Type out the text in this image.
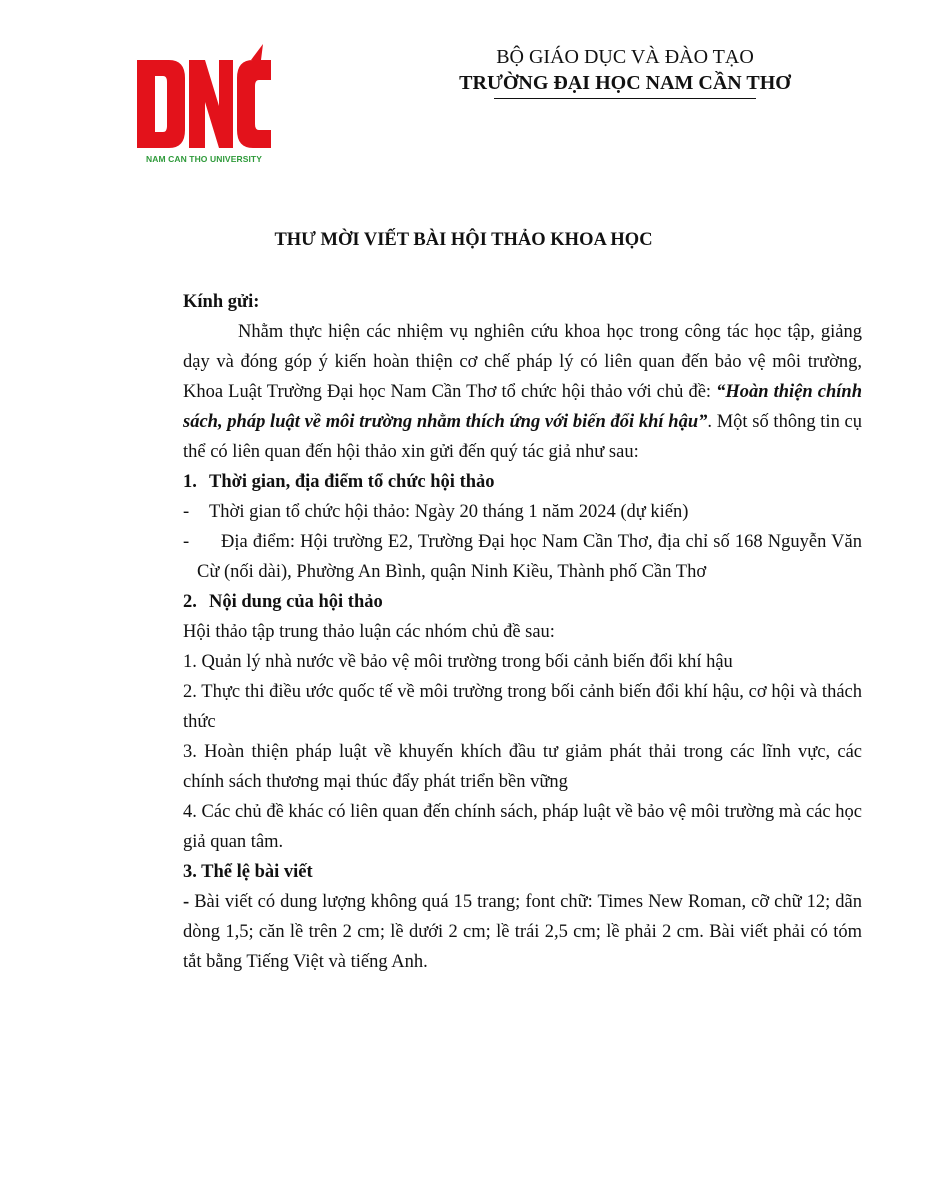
NAM CAN THO UNIVERSITY
BỘ GIÁO DỤC VÀ ĐÀO TẠO
TRƯỜNG ĐẠI HỌC NAM CẦN THƠ
THƯ MỜI VIẾT BÀI HỘI THẢO KHOA HỌC

Kính gửi:

Nhằm thực hiện các nhiệm vụ nghiên cứu khoa học trong công tác học tập, giảng dạy và đóng góp ý kiến hoàn thiện cơ chế pháp lý có liên quan đến bảo vệ môi trường, Khoa Luật Trường Đại học Nam Cần Thơ tổ chức hội thảo với chủ đề: “Hoàn thiện chính sách, pháp luật về môi trường nhằm thích ứng với biến đổi khí hậu”. Một số thông tin cụ thể có liên quan đến hội thảo xin gửi đến quý tác giả như sau:

1. Thời gian, địa điểm tổ chức hội thảo

- Thời gian tổ chức hội thảo: Ngày 20 tháng 1 năm 2024 (dự kiến)

- Địa điểm: Hội trường E2, Trường Đại học Nam Cần Thơ, địa chỉ số 168 Nguyễn Văn Cừ (nối dài), Phường An Bình, quận Ninh Kiều, Thành phố Cần Thơ

2. Nội dung của hội thảo

Hội thảo tập trung thảo luận các nhóm chủ đề sau:

1. Quản lý nhà nước về bảo vệ môi trường trong bối cảnh biến đổi khí hậu

2. Thực thi điều ước quốc tế về môi trường trong bối cảnh biến đổi khí hậu, cơ hội và thách thức

3. Hoàn thiện pháp luật về khuyến khích đầu tư giảm phát thải trong các lĩnh vực, các chính sách thương mại thúc đẩy phát triển bền vững

4. Các chủ đề khác có liên quan đến chính sách, pháp luật về bảo vệ môi trường mà các học giả quan tâm.

3. Thể lệ bài viết

- Bài viết có dung lượng không quá 15 trang; font chữ: Times New Roman, cỡ chữ 12; dãn dòng 1,5; căn lề trên 2 cm; lề dưới 2 cm; lề trái 2,5 cm; lề phải 2 cm. Bài viết phải có tóm tắt bằng Tiếng Việt và tiếng Anh.
